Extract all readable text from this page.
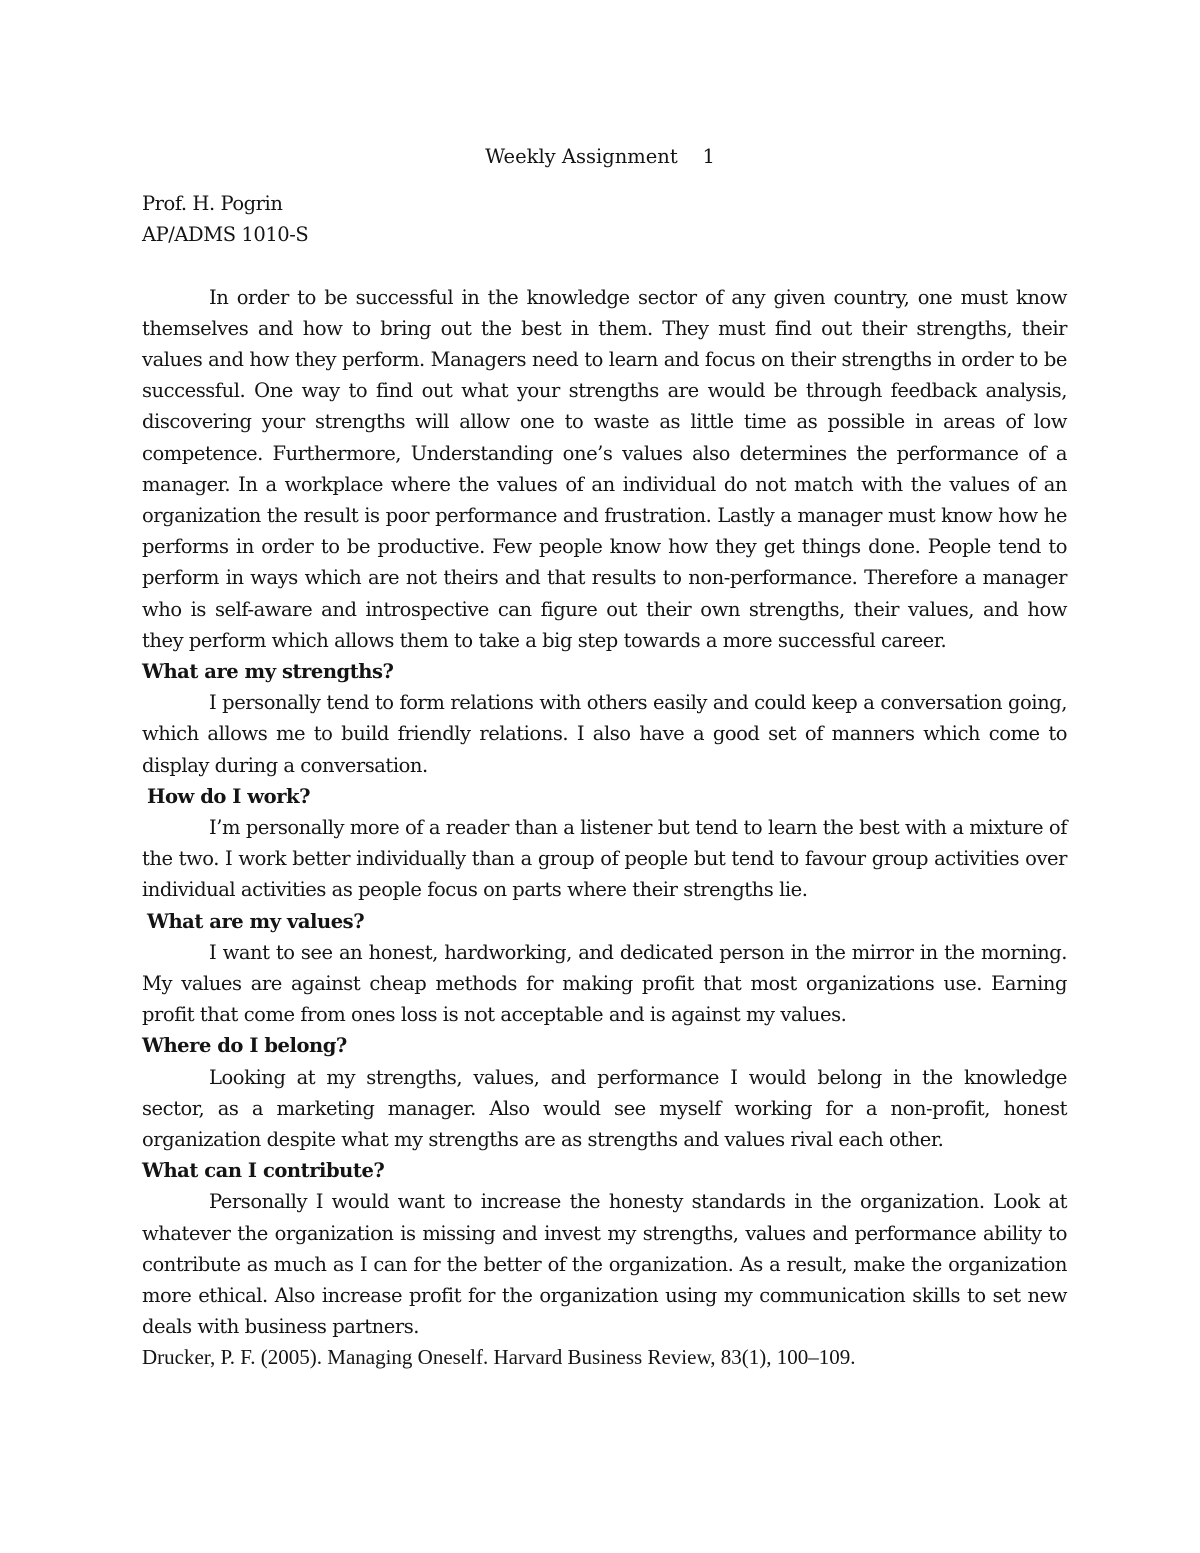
Weekly Assignment    1

Prof. H. Pogrin

AP/ADMS 1010-S

In order to be successful in the knowledge sector of any given country, one must know themselves and how to bring out the best in them. They must find out their strengths, their values and how they perform. Managers need to learn and focus on their strengths in order to be successful. One way to find out what your strengths are would be through feedback analysis, discovering your strengths will allow one to waste as little time as possible in areas of low competence. Furthermore, Understanding one’s values also determines the performance of a manager. In a workplace where the values of an individual do not match with the values of an organization the result is poor performance and frustration. Lastly a manager must know how he performs in order to be productive. Few people know how they get things done. People tend to perform in ways which are not theirs and that results to non-performance. Therefore a manager who is self-aware and introspective can figure out their own strengths, their values, and how they perform which allows them to take a big step towards a more successful career.

What are my strengths?

I personally tend to form relations with others easily and could keep a conversation going, which allows me to build friendly relations. I also have a good set of manners which come to display during a conversation.

How do I work?

I’m personally more of a reader than a listener but tend to learn the best with a mixture of the two. I work better individually than a group of people but tend to favour group activities over individual activities as people focus on parts where their strengths lie.

What are my values?

I want to see an honest, hardworking, and dedicated person in the mirror in the morning. My values are against cheap methods for making profit that most organizations use. Earning profit that come from ones loss is not acceptable and is against my values.

Where do I belong?

Looking at my strengths, values, and performance I would belong in the knowledge sector, as a marketing manager. Also would see myself working for a non-profit, honest organization despite what my strengths are as strengths and values rival each other.

What can I contribute?

Personally I would want to increase the honesty standards in the organization. Look at whatever the organization is missing and invest my strengths, values and performance ability to contribute as much as I can for the better of the organization. As a result, make the organization more ethical. Also increase profit for the organization using my communication skills to set new deals with business partners.

Drucker, P. F. (2005). Managing Oneself. Harvard Business Review, 83(1), 100–109.
